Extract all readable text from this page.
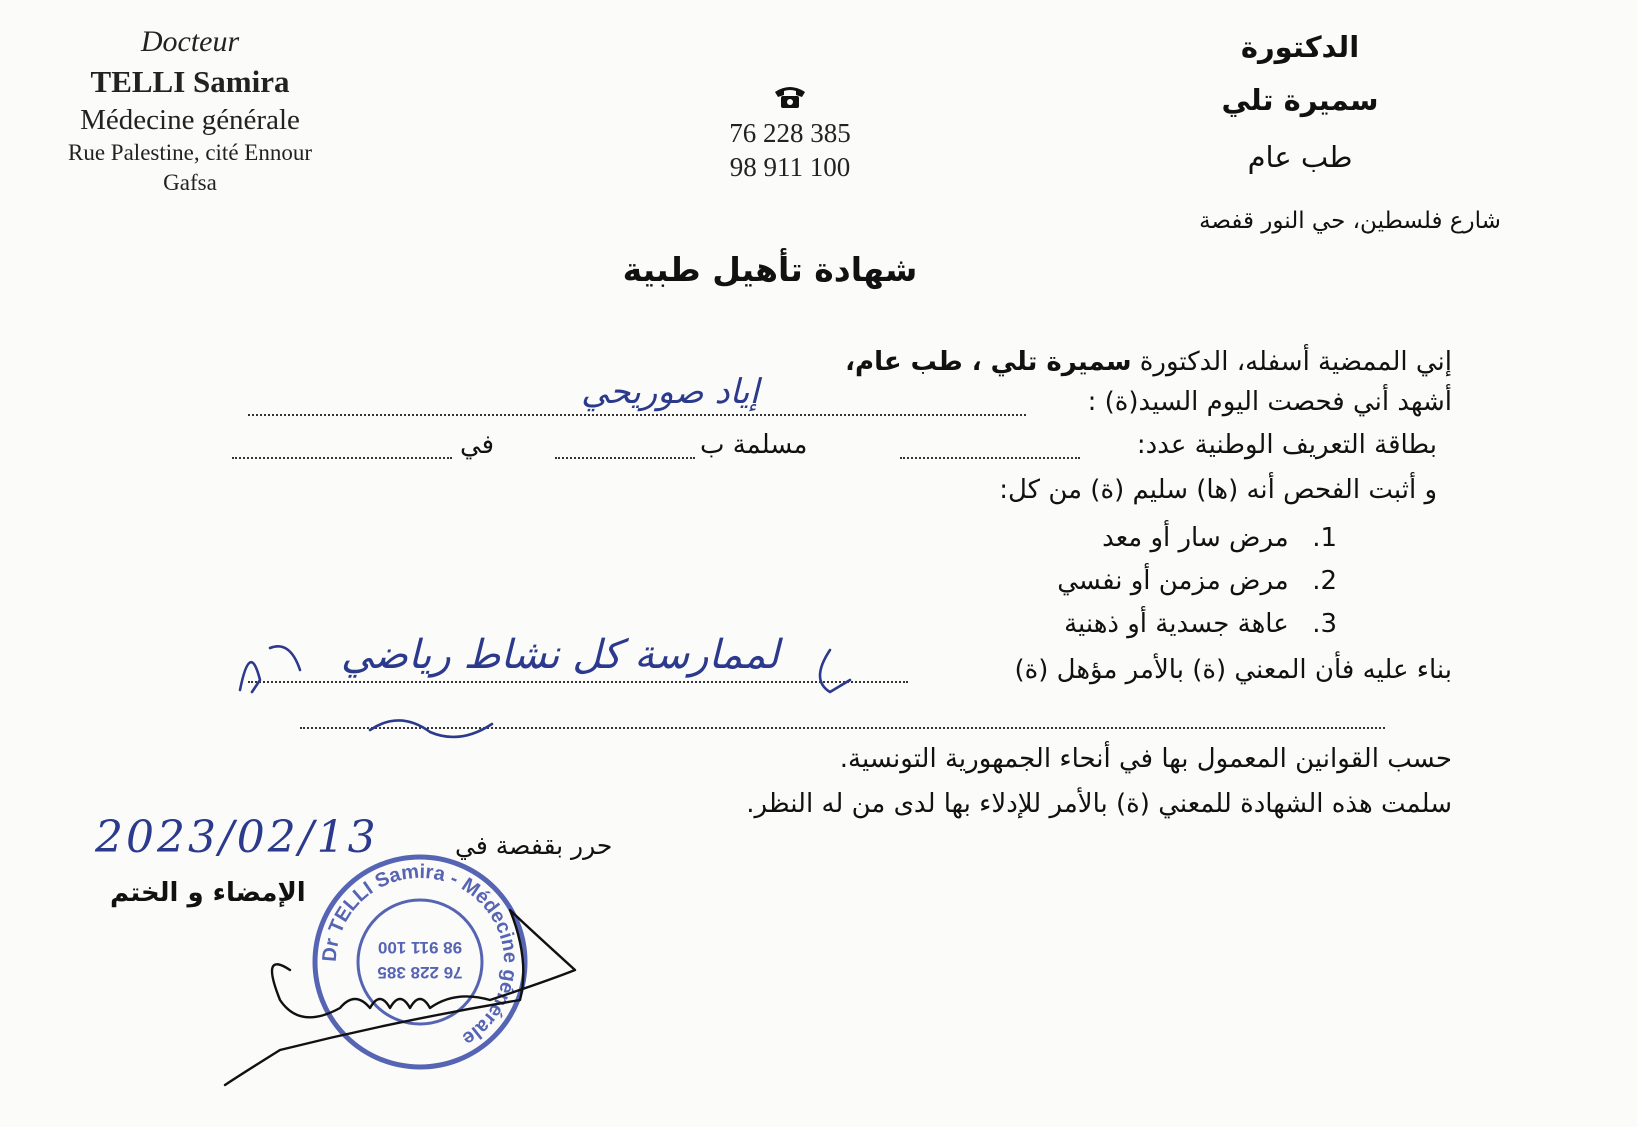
Docteur
TELLI Samira
Médecine générale
Rue Palestine, cité Ennour
Gafsa
76 228 385
98 911 100
الدكتورة
سميرة تلي
طب عام
شارع فلسطين، حي النور قفصة
شهادة تأهيل طبية
إني الممضية أسفله، الدكتورة سميرة تلي ، طب عام،
أشهد أني فحصت اليوم السيد(ة) :
إياد صوريحي
بطاقة التعريف الوطنية عدد:
مسلمة ب
في
و أثبت الفحص أنه (ها) سليم (ة) من كل:
1. مرض سار أو معد
2. مرض مزمن أو نفسي
3. عاهة جسدية أو ذهنية
بناء عليه فأن المعني (ة) بالأمر مؤهل (ة)
لممارسة كل نشاط رياضي
حسب القوانين المعمول بها في أنحاء الجمهورية التونسية.
سلمت هذه الشهادة للمعني (ة) بالأمر للإدلاء بها لدى من له النظر.
حرر بقفصة في
2023/02/13
الإمضاء و الختم
Dr TELLI Samira - Médecine générale
76 228 385
98 911 100
